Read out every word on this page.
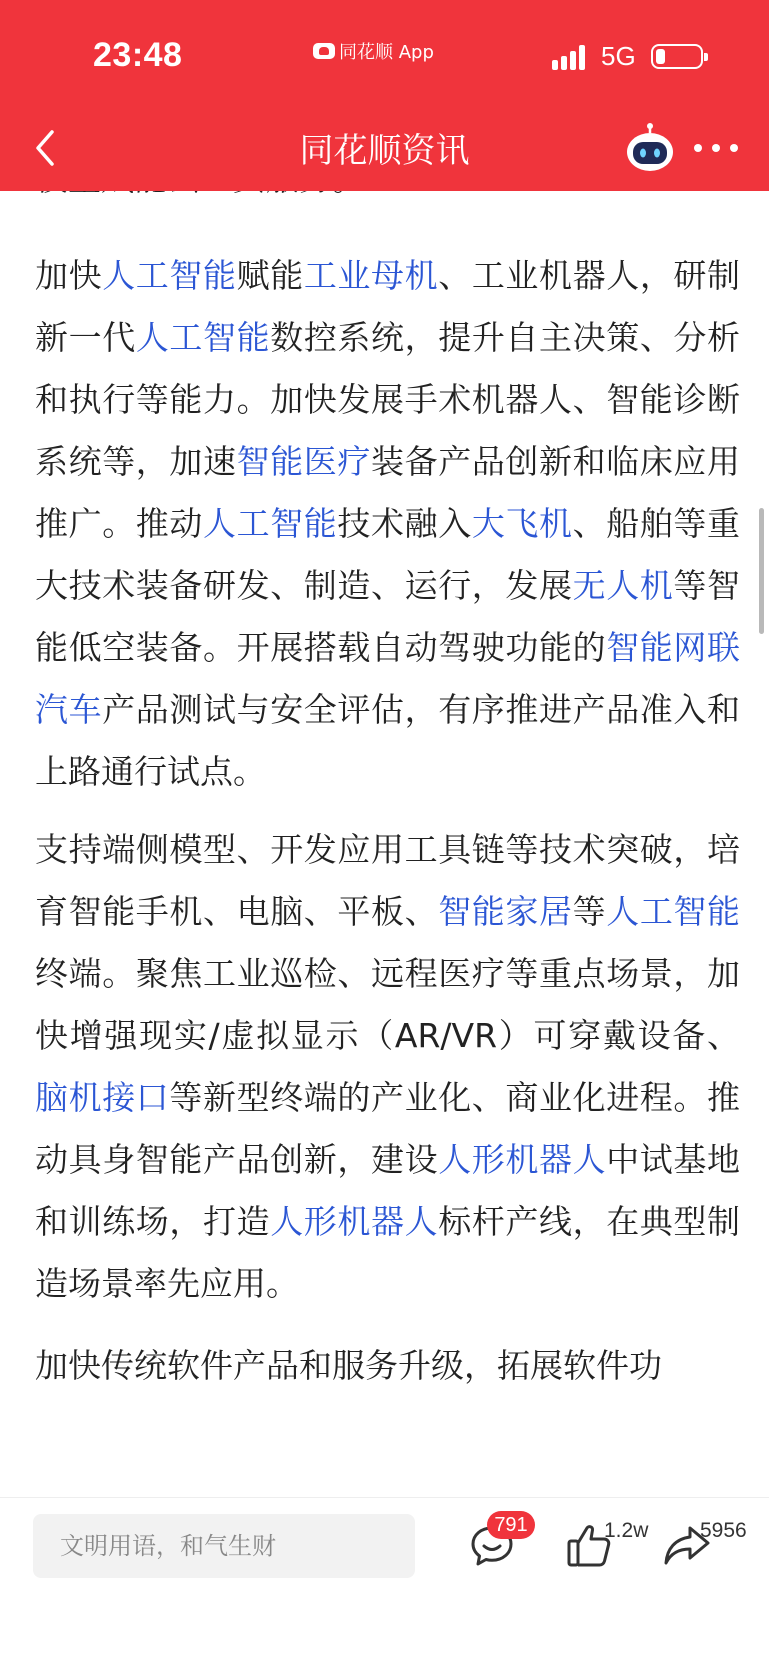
加快人工智能赋能工业母机、工业机器人，研制新一代人工智能数控系统，提升自主决策、分析和执行等能力。加快发展手术机器人、智能诊断系统等，加速智能医疗装备产品创新和临床应用推广。推动人工智能技术融入大飞机、船舶等重大技术装备研发、制造、运行，发展无人机等智能低空装备。开展搭载自动驾驶功能的智能网联汽车产品测试与安全评估，有序推进产品准入和上路通行试点。
支持端侧模型、开发应用工具链等技术突破，培育智能手机、电脑、平板、智能家居等人工智能终端。聚焦工业巡检、远程医疗等重点场景，加快增强现实/虚拟显示（AR/VR）可穿戴设备、脑机接口等新型终端的产业化、商业化进程。推动具身智能产品创新，建设人形机器人中试基地和训练场，打造人形机器人标杆产线，在典型制造场景率先应用。
加快传统软件产品和服务升级，拓展软件功
23:48	同花顺 App	5G
同花顺资讯
文明用语，和气生财
791	1.2w 5956
